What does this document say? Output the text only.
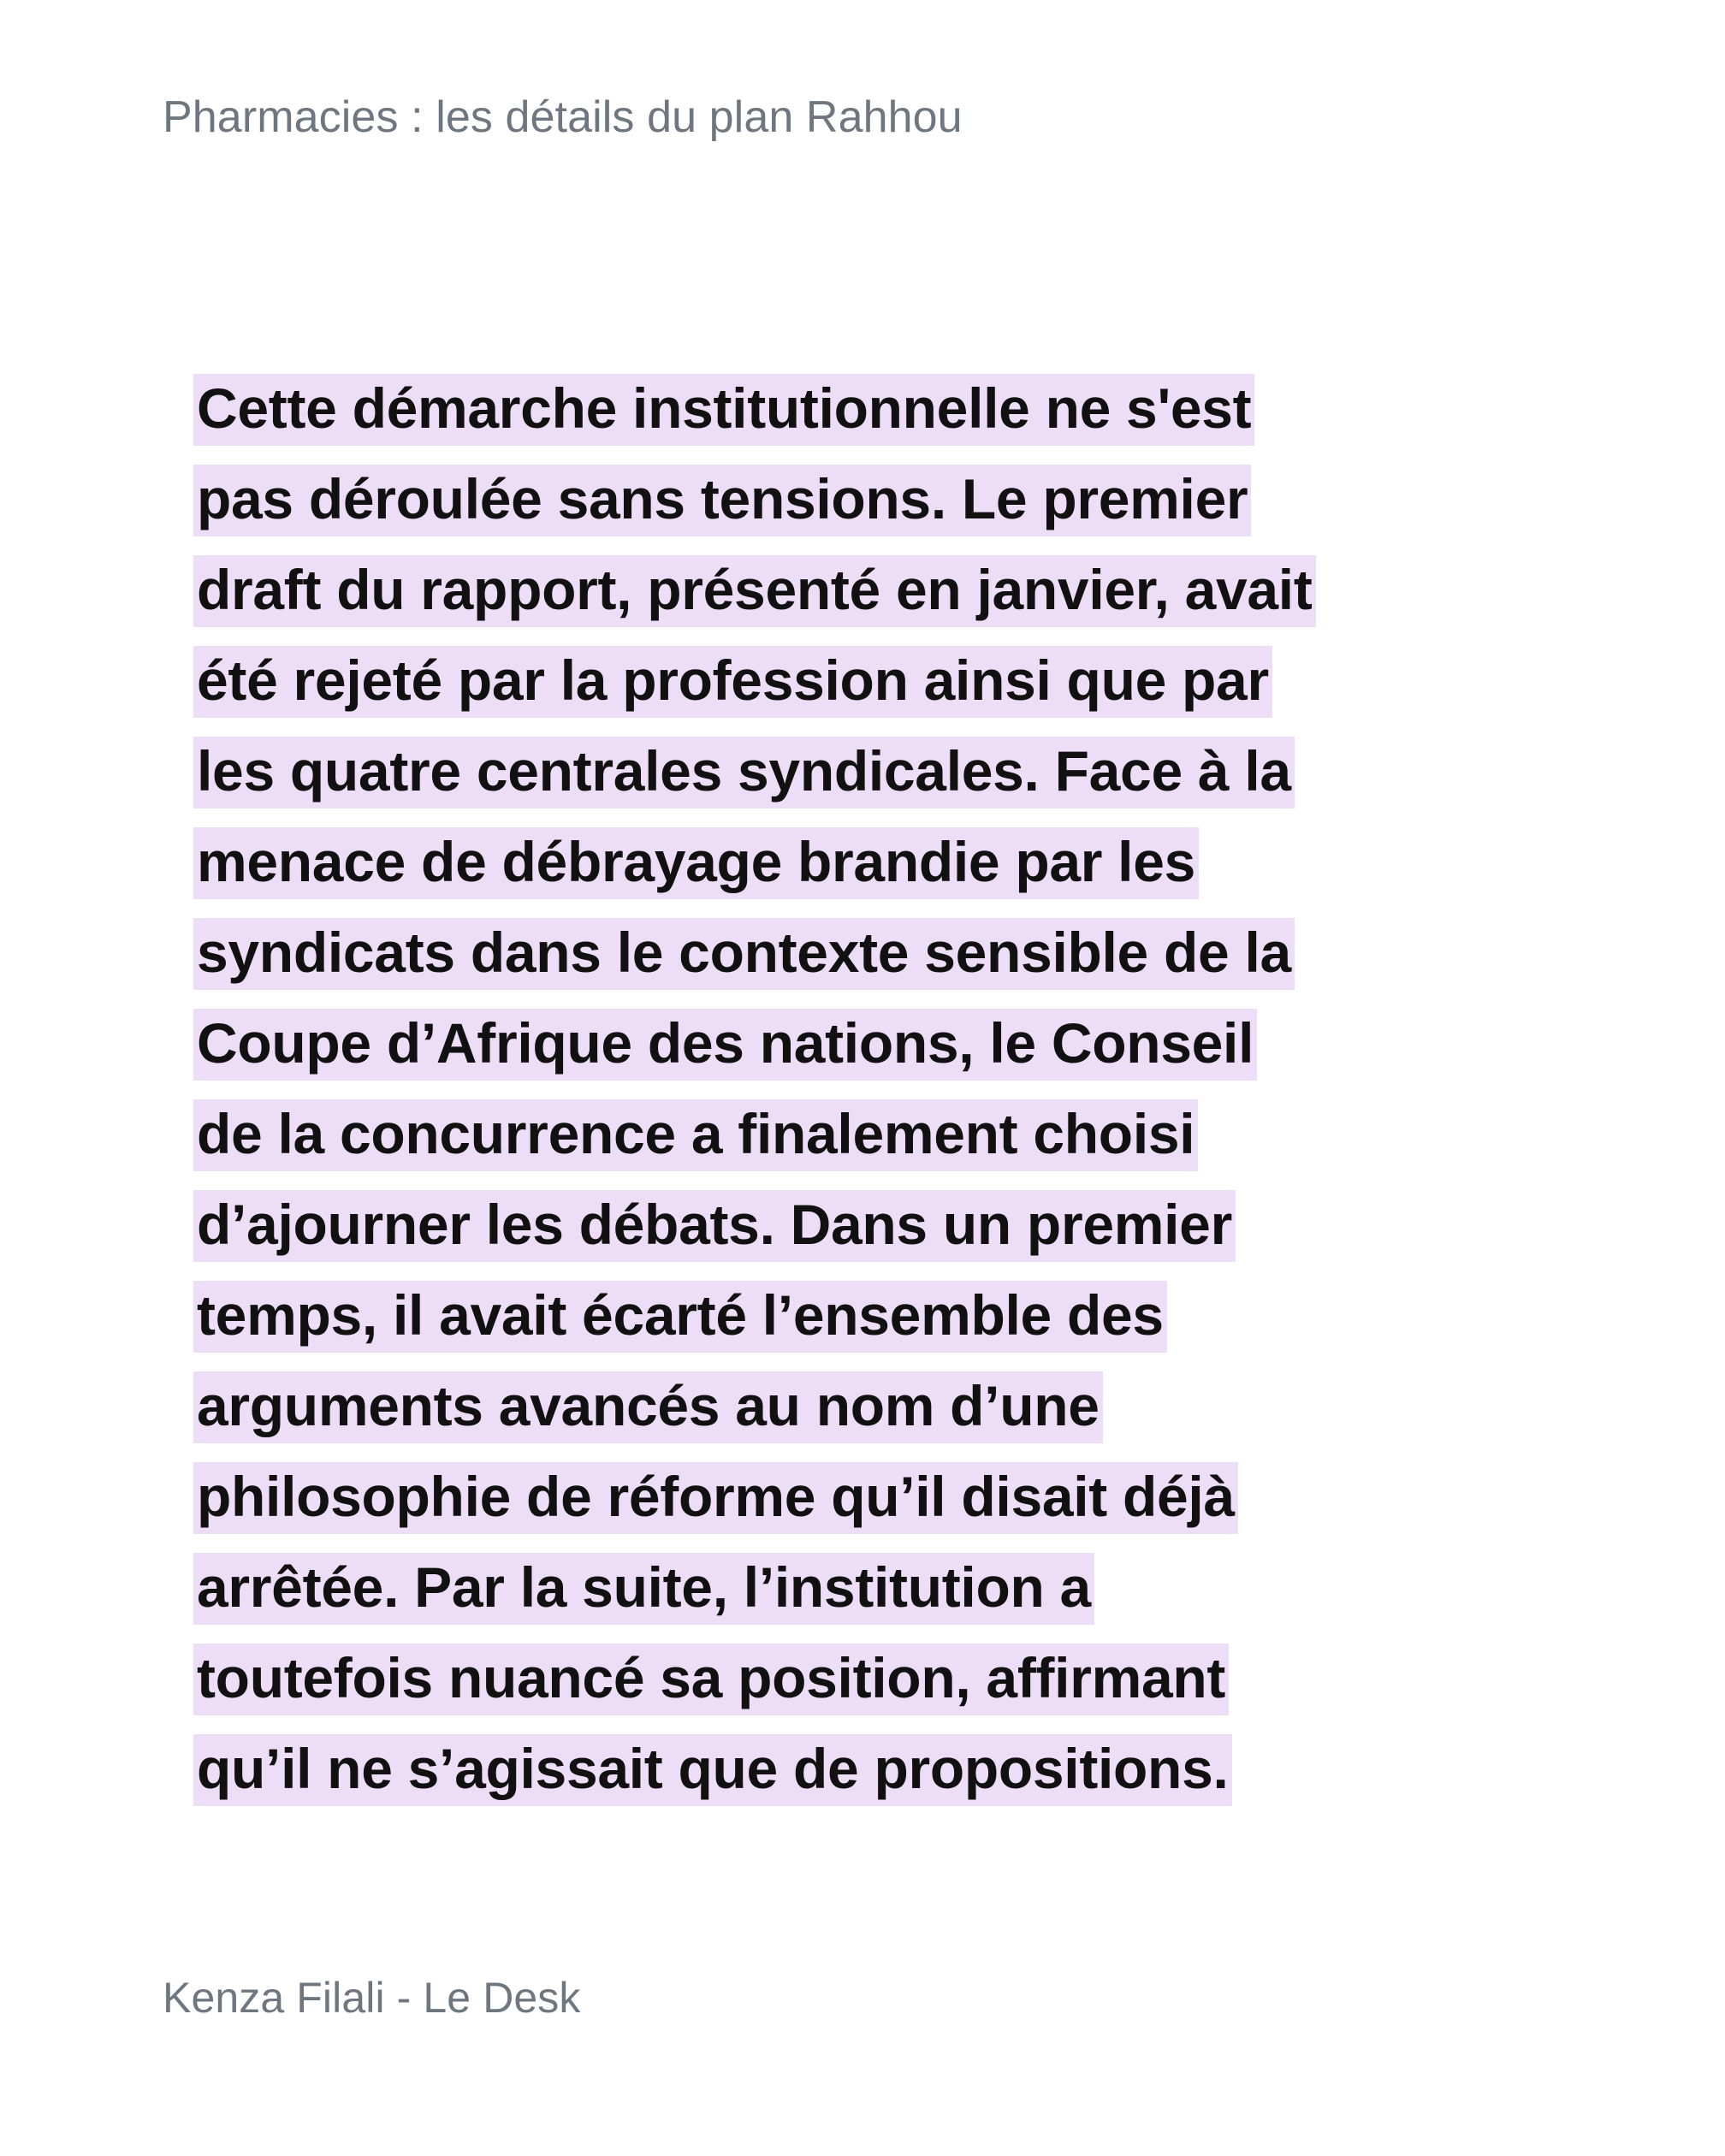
Pharmacies : les détails du plan Rahhou
Cette démarche institutionnelle ne s'est
pas déroulée sans tensions. Le premier
draft du rapport, présenté en janvier, avait
été rejeté par la profession ainsi que par
les quatre centrales syndicales. Face à la
menace de débrayage brandie par les
syndicats dans le contexte sensible de la
Coupe d’Afrique des nations, le Conseil
de la concurrence a finalement choisi
d’ajourner les débats. Dans un premier
temps, il avait écarté l’ensemble des
arguments avancés au nom d’une
philosophie de réforme qu’il disait déjà
arrêtée. Par la suite, l’institution a
toutefois nuancé sa position, affirmant
qu’il ne s’agissait que de propositions.
Kenza Filali - Le Desk
